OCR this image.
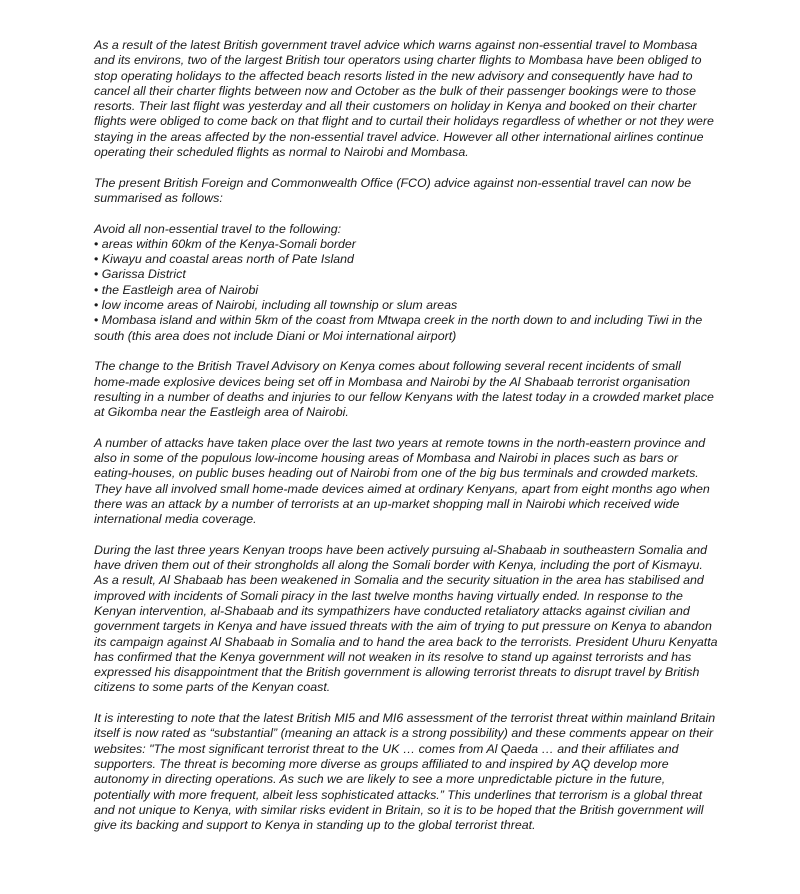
As a result of the latest British government travel advice which warns against non-essential travel to Mombasa and its environs, two of the largest British tour operators using charter flights to Mombasa have been obliged to stop operating holidays to the affected beach resorts listed in the new advisory and consequently have had to cancel all their charter flights between now and October as the bulk of their passenger bookings were to those resorts. Their last flight was yesterday and all their customers on holiday in Kenya and booked on their charter flights were obliged to come back on that flight and to curtail their holidays regardless of whether or not they were staying in the areas affected by the non-essential travel advice. However all other international airlines continue operating their scheduled flights as normal to Nairobi and Mombasa.

The present British Foreign and Commonwealth Office (FCO) advice against non-essential travel can now be summarised as follows:

Avoid all non-essential travel to the following:

• areas within 60km of the Kenya-Somali border
• Kiwayu and coastal areas north of Pate Island
• Garissa District
• the Eastleigh area of Nairobi
• low income areas of Nairobi, including all township or slum areas
• Mombasa island and within 5km of the coast from Mtwapa creek in the north down to and including Tiwi in the south (this area does not include Diani or Moi international airport)

The change to the British Travel Advisory on Kenya comes about following several recent incidents of small home-made explosive devices being set off in Mombasa and Nairobi by the Al Shabaab terrorist organisation resulting in a number of deaths and injuries to our fellow Kenyans with the latest today in a crowded market place at Gikomba near the Eastleigh area of Nairobi.

A number of attacks have taken place over the last two years at remote towns in the north-eastern province and also in some of the populous low-income housing areas of Mombasa and Nairobi in places such as bars or eating-houses, on public buses heading out of Nairobi from one of the big bus terminals and crowded markets. They have all involved small home-made devices aimed at ordinary Kenyans, apart from eight months ago when there was an attack by a number of terrorists at an up-market shopping mall in Nairobi which received wide international media coverage.

During the last three years Kenyan troops have been actively pursuing al-Shabaab in southeastern Somalia and have driven them out of their strongholds all along the Somali border with Kenya, including the port of Kismayu. As a result, Al Shabaab has been weakened in Somalia and the security situation in the area has stabilised and improved with incidents of Somali piracy in the last twelve months having virtually ended. In response to the Kenyan intervention, al-Shabaab and its sympathizers have conducted retaliatory attacks against civilian and government targets in Kenya and have issued threats with the aim of trying to put pressure on Kenya to abandon its campaign against Al Shabaab in Somalia and to hand the area back to the terrorists. President Uhuru Kenyatta has confirmed that the Kenya government will not weaken in its resolve to stand up against terrorists and has expressed his disappointment that the British government is allowing terrorist threats to disrupt travel by British citizens to some parts of the Kenyan coast.

It is interesting to note that the latest British MI5 and MI6 assessment of the terrorist threat within mainland Britain itself is now rated as “substantial” (meaning an attack is a strong possibility) and these comments appear on their websites: "The most significant terrorist threat to the UK … comes from Al Qaeda … and their affiliates and supporters. The threat is becoming more diverse as groups affiliated to and inspired by AQ develop more autonomy in directing operations. As such we are likely to see a more unpredictable picture in the future, potentially with more frequent, albeit less sophisticated attacks.” This underlines that terrorism is a global threat and not unique to Kenya, with similar risks evident in Britain, so it is to be hoped that the British government will give its backing and support to Kenya in standing up to the global terrorist threat.
